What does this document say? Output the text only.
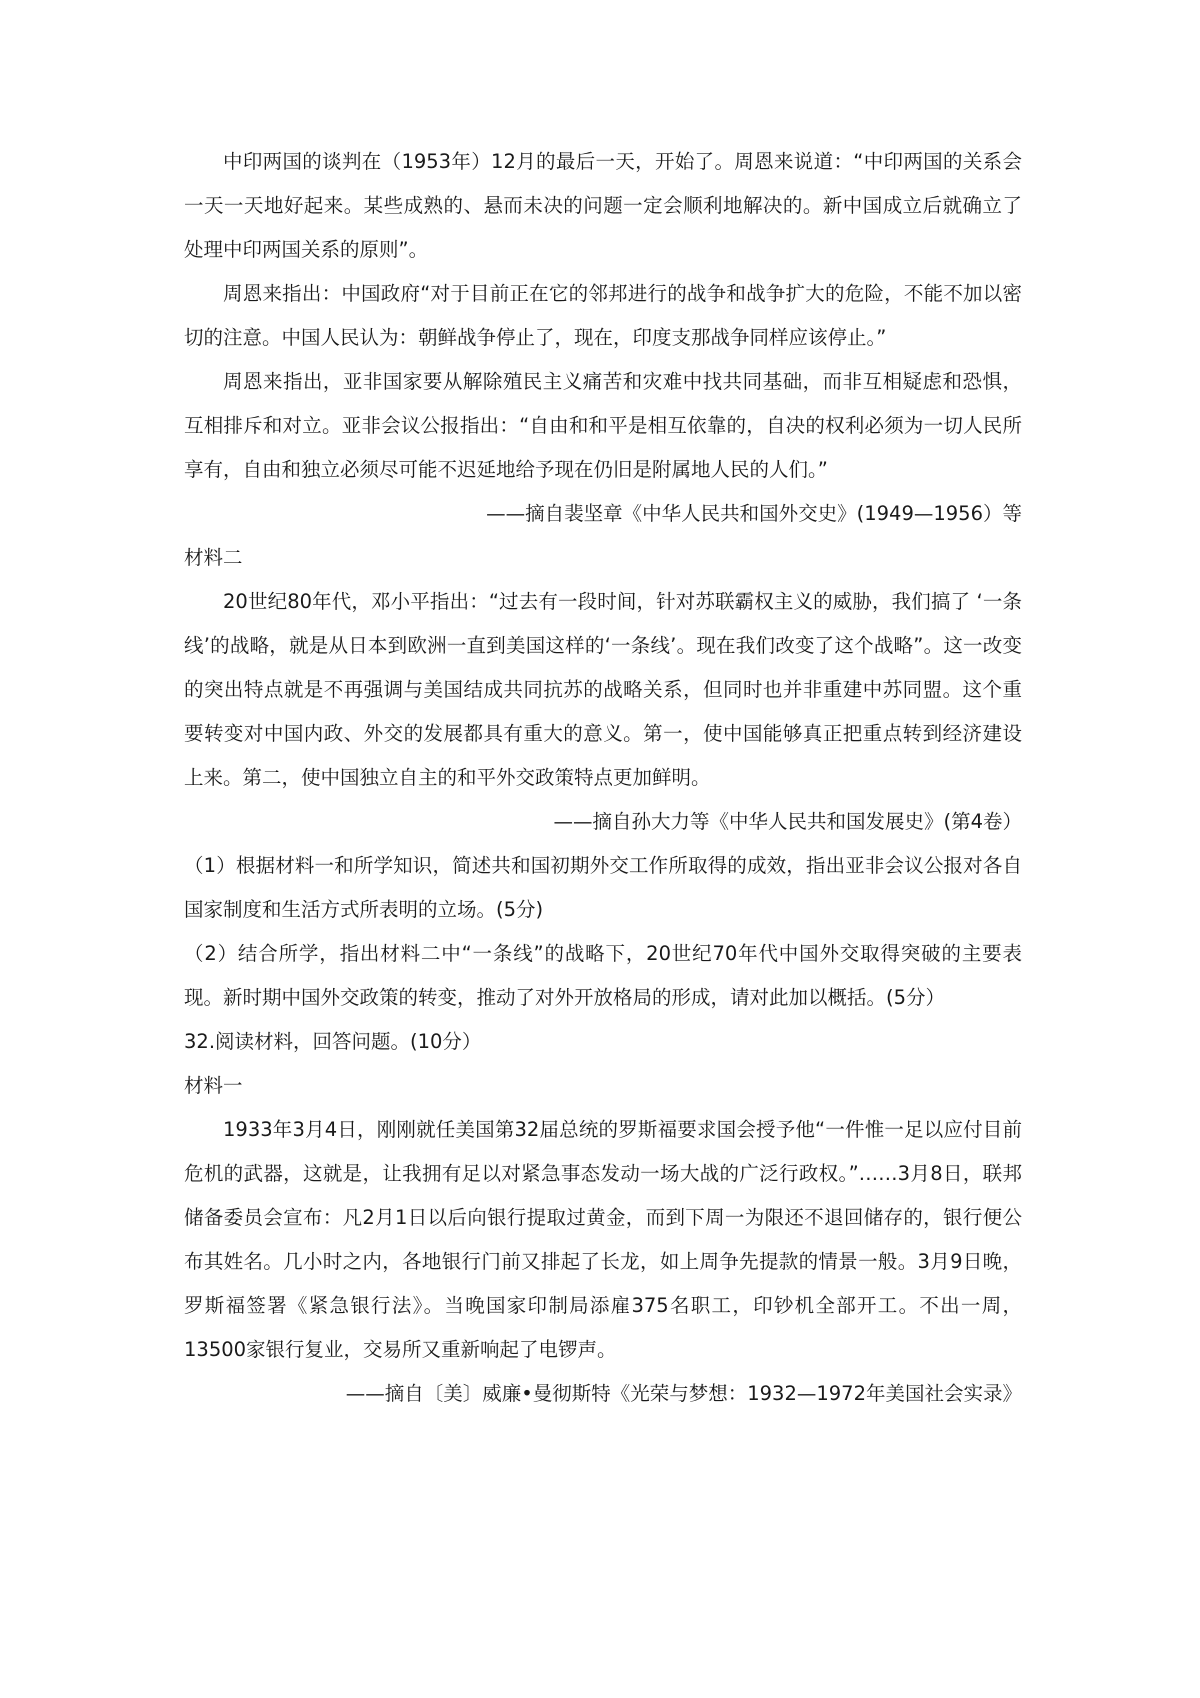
中印两国的谈判在（1953年）12月的最后一天，开始了。周恩来说道：“中印两国的关系会一天一天地好起来。某些成熟的、悬而未决的问题一定会顺利地解决的。新中国成立后就确立了处理中印两国关系的原则”。

周恩来指出：中国政府“对于目前正在它的邻邦进行的战争和战争扩大的危险，不能不加以密切的注意。中国人民认为：朝鲜战争停止了，现在，印度支那战争同样应该停止。”

周恩来指出，亚非国家要从解除殖民主义痛苦和灾难中找共同基础，而非互相疑虑和恐惧，互相排斥和对立。亚非会议公报指出：“自由和和平是相互依靠的，自决的权利必须为一切人民所享有，自由和独立必须尽可能不迟延地给予现在仍旧是附属地人民的人们。”

——摘自裴坚章《中华人民共和国外交史》(1949—1956）等

材料二

20世纪80年代，邓小平指出：“过去有一段时间，针对苏联霸权主义的威胁，我们搞了 ‘一条线’的战略，就是从日本到欧洲一直到美国这样的‘一条线’。现在我们改变了这个战略”。这一改变的突出特点就是不再强调与美国结成共同抗苏的战略关系，但同时也并非重建中苏同盟。这个重要转变对中国内政、外交的发展都具有重大的意义。第一，使中国能够真正把重点转到经济建设上来。第二，使中国独立自主的和平外交政策特点更加鲜明。

——摘自孙大力等《中华人民共和国发展史》(第4卷）

（1）根据材料一和所学知识，简述共和国初期外交工作所取得的成效，指出亚非会议公报对各自国家制度和生活方式所表明的立场。(5分)

（2）结合所学，指出材料二中“一条线”的战略下，20世纪70年代中国外交取得突破的主要表现。新时期中国外交政策的转变，推动了对外开放格局的形成，请对此加以概括。(5分）

32.阅读材料，回答问题。(10分）

材料一

1933年3月4日，刚刚就任美国第32届总统的罗斯福要求国会授予他“一件惟一足以应付目前危机的武器，这就是，让我拥有足以对紧急事态发动一场大战的广泛行政权。”……3月8日，联邦储备委员会宣布：凡2月1日以后向银行提取过黄金，而到下周一为限还不退回储存的，银行便公布其姓名。几小时之内，各地银行门前又排起了长龙，如上周争先提款的情景一般。3月9日晚，罗斯福签署《紧急银行法》。当晚国家印制局添雇375名职工，印钞机全部开工。不出一周，13500家银行复业，交易所又重新响起了电锣声。

——摘自〔美〕威廉•曼彻斯特《光荣与梦想：1932—1972年美国社会实录》
